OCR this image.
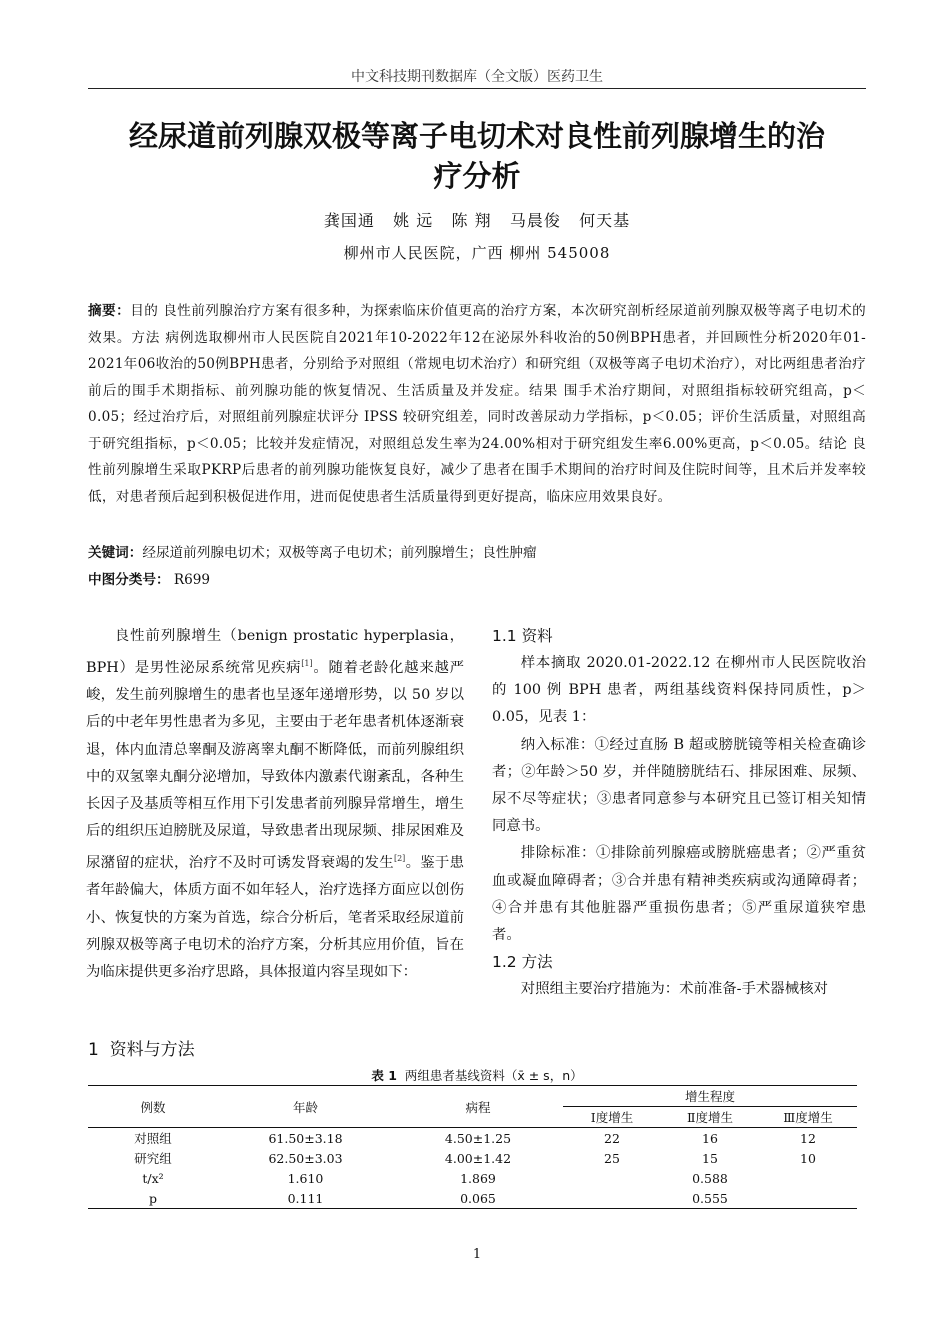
中文科技期刊数据库（全文版）医药卫生
经尿道前列腺双极等离子电切术对良性前列腺增生的治
疗分析
龚国通   姚 远   陈 翔   马晨俊   何天基
柳州市人民医院，广西 柳州 545008
摘要：目的 良性前列腺治疗方案有很多种，为探索临床价值更高的治疗方案，本次研究剖析经尿道前列腺双极等离子电切术的效果。方法 病例选取柳州市人民医院自2021年10-2022年12在泌尿外科收治的50例BPH患者，并回顾性分析2020年01-2021年06收治的50例BPH患者，分别给予对照组（常规电切术治疗）和研究组（双极等离子电切术治疗），对比两组患者治疗前后的围手术期指标、前列腺功能的恢复情况、生活质量及并发症。结果 围手术治疗期间，对照组指标较研究组高，p＜0.05；经过治疗后，对照组前列腺症状评分 IPSS 较研究组差，同时改善尿动力学指标，p＜0.05；评价生活质量，对照组高于研究组指标，p＜0.05；比较并发症情况，对照组总发生率为24.00%相对于研究组发生率6.00%更高，p＜0.05。结论 良性前列腺增生采取PKRP后患者的前列腺功能恢复良好，减少了患者在围手术期间的治疗时间及住院时间等，且术后并发率较低，对患者预后起到积极促进作用，进而促使患者生活质量得到更好提高，临床应用效果良好。
关键词：经尿道前列腺电切术；双极等离子电切术；前列腺增生；良性肿瘤
中图分类号： R699

良性前列腺增生（benign prostatic hyperplasia，BPH）是男性泌尿系统常见疾病[1]。随着老龄化越来越严峻，发生前列腺增生的患者也呈逐年递增形势，以 50 岁以后的中老年男性患者为多见，主要由于老年患者机体逐渐衰退，体内血清总睾酮及游离睾丸酮不断降低，而前列腺组织中的双氢睾丸酮分泌增加，导致体内激素代谢紊乱，各种生长因子及基质等相互作用下引发患者前列腺异常增生，增生后的组织压迫膀胱及尿道，导致患者出现尿频、排尿困难及尿潴留的症状，治疗不及时可诱发肾衰竭的发生[2]。鉴于患者年龄偏大，体质方面不如年轻人，治疗选择方面应以创伤小、恢复快的方案为首选，综合分析后，笔者采取经尿道前列腺双极等离子电切术的治疗方案，分析其应用价值，旨在为临床提供更多治疗思路，具体报道内容呈现如下：

1.1 资料

样本摘取 2020.01-2022.12 在柳州市人民医院收治的 100 例 BPH 患者，两组基线资料保持同质性，p＞0.05，见表 1：

纳入标准：①经过直肠 B 超或膀胱镜等相关检查确诊者；②年龄＞50 岁，并伴随膀胱结石、排尿困难、尿频、尿不尽等症状；③患者同意参与本研究且已签订相关知情同意书。

排除标准：①排除前列腺癌或膀胱癌患者；②严重贫血或凝血障碍者；③合并患有精神类疾病或沟通障碍者；④合并患有其他脏器严重损伤患者；⑤严重尿道狭窄患者。

1.2 方法

对照组主要治疗措施为：术前准备-手术器械核对

1  资料与方法
表 1  两组患者基线资料（x̄ ± s，n）
例数	年龄	病程	增生程度		
			Ⅰ度增生	Ⅱ度增生	Ⅲ度增生
对照组	61.50±3.18	4.50±1.25	22	16	12
研究组	62.50±3.03	4.00±1.42	25	15	10
t/x²	1.610	1.869	0.588		
p	0.111	0.065	0.555		
1
